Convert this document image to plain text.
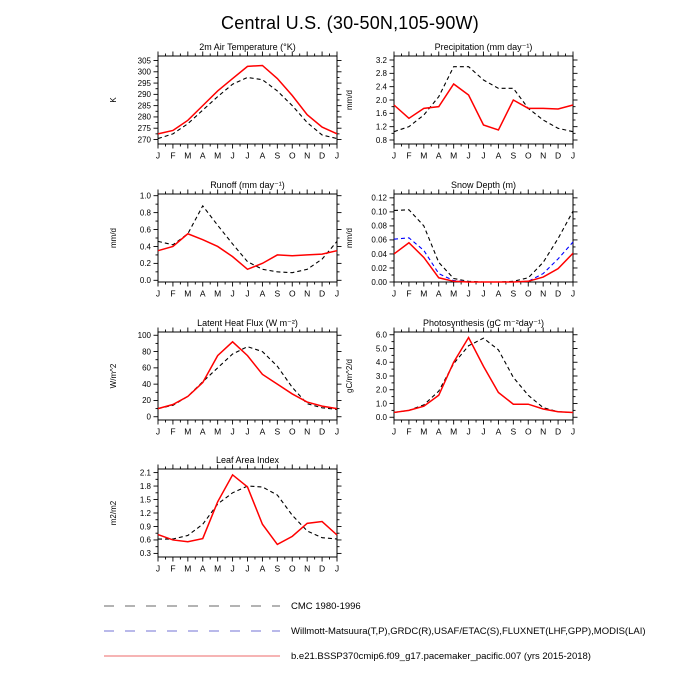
Central U.S. (30-50N,105-90W)
2m Air Temperature (°K)
K
J F M A M J J A S O N D J
270
275
280
285
290
295
300
305
Precipitation (mm day⁻¹)
mm/d
J F M A M J J A S O N D J
0.8
1.2
1.6
2.0
2.4
2.8
3.2
Runoff (mm day⁻¹)
mm/d
J F M A M J J A S O N D J
0.0
0.2
0.4
0.6
0.8
1.0
Snow Depth (m)
mm/d
J F M A M J J A S O N D J
0.00
0.02
0.04
0.06
0.08
0.10
0.12
Latent Heat Flux (W m⁻²)
W/m^2
J F M A M J J A S O N D J
0
20
40
60
80
100
Photosynthesis (gC m⁻²day⁻¹)
gC/m^2/d
J F M A M J J A S O N D J
0.0
1.0
2.0
3.0
4.0
5.0
6.0
Leaf Area Index
m2/m2
J F M A M J J A S O N D J
0.3
0.6
0.9
1.2
1.5
1.8
2.1
CMC 1980-1996
Willmott-Matsuura(T,P),GRDC(R),USAF/ETAC(S),FLUXNET(LHF,GPP),MODIS(LAI)
b.e21.BSSP370cmip6.f09_g17.pacemaker_pacific.007 (yrs 2015-2018)
